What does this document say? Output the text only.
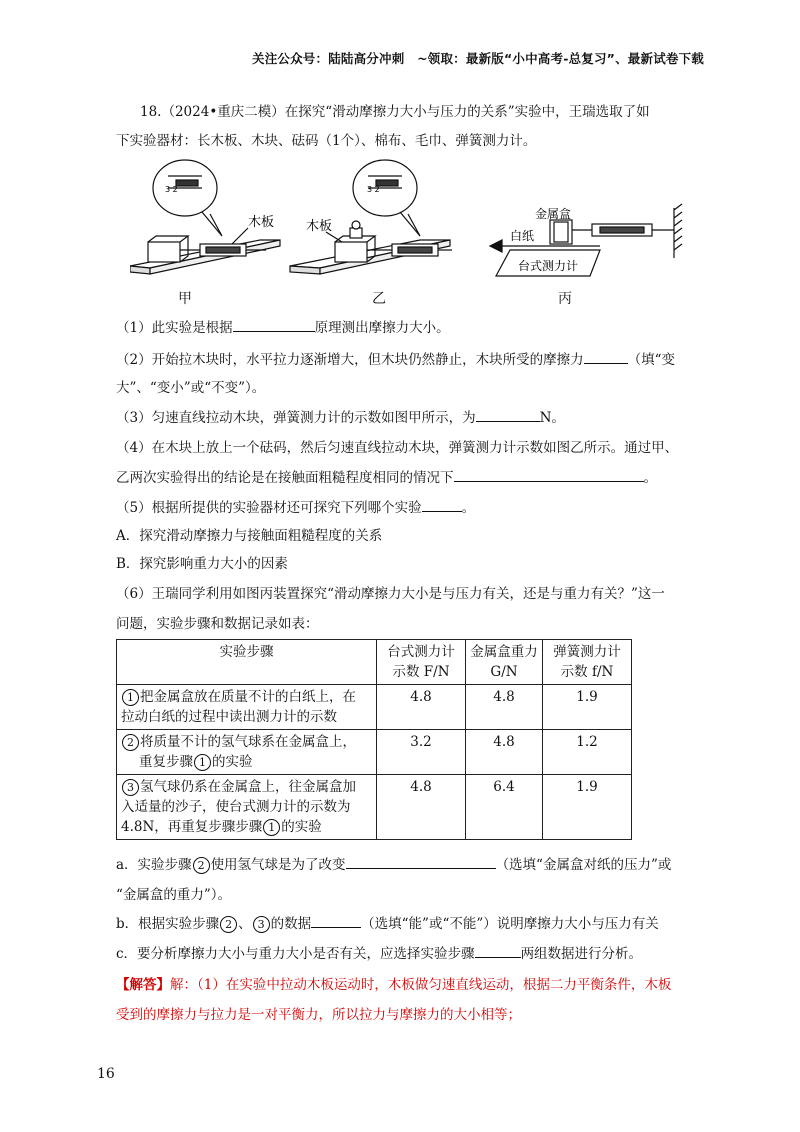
关注公众号：陆陆高分冲刺　~领取：最新版“小中高考-总复习”、最新试卷下载
18.（2024•重庆二模）在探究“滑动摩擦力大小与压力的关系”实验中，王瑞选取了如
下实验器材：长木板、木块、砝码（1个）、棉布、毛巾、弹簧测力计。
3 2
木板
3 2
木板
金属盒
白纸
台式测力计
甲	乙	丙
（1）此实验是根据	原理测出摩擦力大小。
（2）开始拉木块时，水平拉力逐渐增大，但木块仍然静止，木块所受的摩擦力	（填“变
大”、“变小”或“不变”）。
（3）匀速直线拉动木块，弹簧测力计的示数如图甲所示，为	N。
（4）在木块上放上一个砝码，然后匀速直线拉动木块，弹簧测力计示数如图乙所示。通过甲、
乙两次实验得出的结论是在接触面粗糙程度相同的情况下	。
（5）根据所提供的实验器材还可探究下列哪个实验	。
A．探究滑动摩擦力与接触面粗糙程度的关系
B．探究影响重力大小的因素
（6）王瑞同学利用如图丙装置探究“滑动摩擦力大小是与压力有关，还是与重力有关？”这一
问题，实验步骤和数据记录如表：
实验步骤	台式测力计示数 F/N	金属盒重力 G/N	弹簧测力计示数 f/N
1 把金属盒放在质量不计的白纸上，在
拉动白纸的过程中读出测力计的示数	4.8	4.8	1.9
2 将质量不计的氢气球系在金属盒上，
重复步骤 1 的实验	3.2	4.8	1.2
3 氢气球仍系在金属盒上，往金属盒加
入适量的沙子，使台式测力计的示数为
4.8N，再重复步骤步骤 1 的实验	4.8	6.4	1.9
a．实验步骤 2 使用氢气球是为了改变	（选填“金属盒对纸的压力”或
“金属盒的重力”）。
b．根据实验步骤 2 、 3 的数据	（选填“能”或“不能”）说明摩擦力大小与压力有关
c．要分析摩擦力大小与重力大小是否有关，应选择实验步骤	两组数据进行分析。
【解答】解：（1）在实验中拉动木板运动时，木板做匀速直线运动，根据二力平衡条件，木板
受到的摩擦力与拉力是一对平衡力，所以拉力与摩擦力的大小相等；
16
